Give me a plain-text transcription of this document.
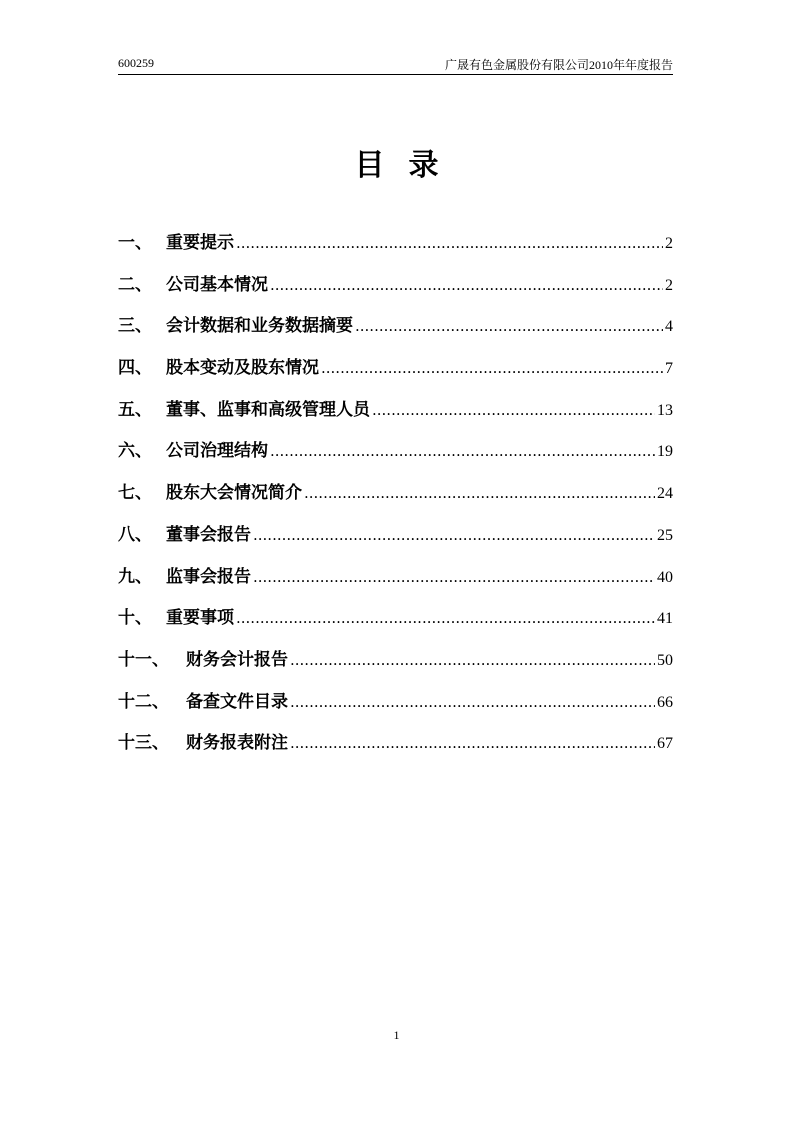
600259	广晟有色金属股份有限公司2010年年度报告
目录
一、 重要提示 .....	2
二、 公司基本情况 .....	2
三、 会计数据和业务数据摘要 .....	4
四、 股本变动及股东情况 .....	7
五、 董事、监事和高级管理人员 .....	13
六、 公司治理结构 .....	19
七、 股东大会情况简介 .....	24
八、 董事会报告 .....	25
九、 监事会报告 .....	40
十、 重要事项 .....	41
十一、	财务会计报告 .....	50
十二、	备查文件目录 .....	66
十三、	财务报表附注 .....	67
1
